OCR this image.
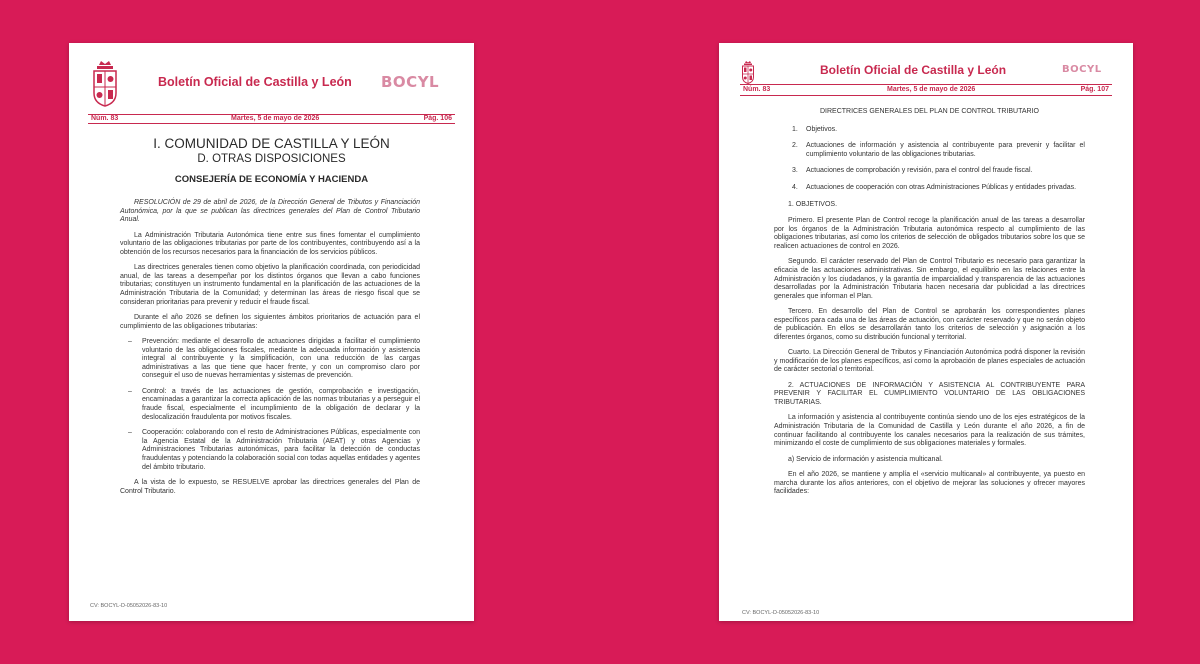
Boletín Oficial de Castilla y León BOCYL
Núm. 83	Martes, 5 de mayo de 2026	Pág. 106
I. COMUNIDAD DE CASTILLA Y LEÓN
D. OTRAS DISPOSICIONES
CONSEJERÍA DE ECONOMÍA Y HACIENDA

RESOLUCIÓN de 29 de abril de 2026, de la Dirección General de Tributos y Financiación Autonómica, por la que se publican las directrices generales del Plan de Control Tributario Anual.

La Administración Tributaria Autonómica tiene entre sus fines fomentar el cumplimiento voluntario de las obligaciones tributarias por parte de los contribuyentes, contribuyendo así a la obtención de los recursos necesarios para la financiación de los servicios públicos.

Las directrices generales tienen como objetivo la planificación coordinada, con periodicidad anual, de las tareas a desempeñar por los distintos órganos que llevan a cabo funciones tributarias; constituyen un instrumento fundamental en la planificación de las actuaciones de la Administración Tributaria de la Comunidad; y determinan las áreas de riesgo fiscal que se consideran prioritarias para prevenir y reducir el fraude fiscal.

Durante el año 2026 se definen los siguientes ámbitos prioritarios de actuación para el cumplimiento de las obligaciones tributarias:

– Prevención: mediante el desarrollo de actuaciones dirigidas a facilitar el cumplimiento voluntario de las obligaciones fiscales, mediante la adecuada información y asistencia integral al contribuyente y la simplificación, con una reducción de las cargas administrativas a las que tiene que hacer frente, y con un compromiso claro por conseguir el uso de nuevas herramientas y sistemas de prevención.
– Control: a través de las actuaciones de gestión, comprobación e investigación, encaminadas a garantizar la correcta aplicación de las normas tributarias y a perseguir el fraude fiscal, especialmente el incumplimiento de la obligación de declarar y la deslocalización fraudulenta por motivos fiscales.
– Cooperación: colaborando con el resto de Administraciones Públicas, especialmente con la Agencia Estatal de la Administración Tributaria (AEAT) y otras Agencias y Administraciones Tributarias autonómicas, para facilitar la detección de conductas fraudulentas y potenciando la colaboración social con todas aquellas entidades y agentes del ámbito tributario.

A la vista de lo expuesto, se RESUELVE aprobar las directrices generales del Plan de Control Tributario.

CV: BOCYL-D-05052026-83-10
Boletín Oficial de Castilla y León	BOCYL
Núm. 83	Martes, 5 de mayo de 2026	Pág. 107

DIRECTRICES GENERALES DEL PLAN DE CONTROL TRIBUTARIO

1. Objetivos.
2. Actuaciones de información y asistencia al contribuyente para prevenir y facilitar el cumplimiento voluntario de las obligaciones tributarias.
3. Actuaciones de comprobación y revisión, para el control del fraude fiscal.
4. Actuaciones de cooperación con otras Administraciones Públicas y entidades privadas.

1. OBJETIVOS.

Primero. El presente Plan de Control recoge la planificación anual de las tareas a desarrollar por los órganos de la Administración Tributaria autonómica respecto al cumplimiento de las obligaciones tributarias, así como los criterios de selección de obligados tributarios sobre los que se realicen actuaciones de control en 2026.

Segundo. El carácter reservado del Plan de Control Tributario es necesario para garantizar la eficacia de las actuaciones administrativas. Sin embargo, el equilibrio en las relaciones entre la Administración y los ciudadanos, y la garantía de imparcialidad y transparencia de las actuaciones desarrolladas por la Administración Tributaria hacen necesaria dar publicidad a las directrices generales que informan el Plan.

Tercero. En desarrollo del Plan de Control se aprobarán los correspondientes planes específicos para cada una de las áreas de actuación, con carácter reservado y que no serán objeto de publicación. En ellos se desarrollarán tanto los criterios de selección y asignación a los diferentes órganos, como su distribución funcional y territorial.

Cuarto. La Dirección General de Tributos y Financiación Autonómica podrá disponer la revisión y modificación de los planes específicos, así como la aprobación de planes especiales de actuación de carácter sectorial o territorial.

2. ACTUACIONES DE INFORMACIÓN Y ASISTENCIA AL CONTRIBUYENTE PARA PREVENIR Y FACILITAR EL CUMPLIMIENTO VOLUNTARIO DE LAS OBLIGACIONES TRIBUTARIAS.

La información y asistencia al contribuyente continúa siendo uno de los ejes estratégicos de la Administración Tributaria de la Comunidad de Castilla y León durante el año 2026, a fin de continuar facilitando al contribuyente los canales necesarios para la realización de sus trámites, minimizando el coste de cumplimiento de sus obligaciones materiales y formales.

a) Servicio de información y asistencia multicanal.

En el año 2026, se mantiene y amplía el «servicio multicanal» al contribuyente, ya puesto en marcha durante los años anteriores, con el objetivo de mejorar las soluciones y ofrecer mayores facilidades:

CV: BOCYL-D-05052026-83-10
